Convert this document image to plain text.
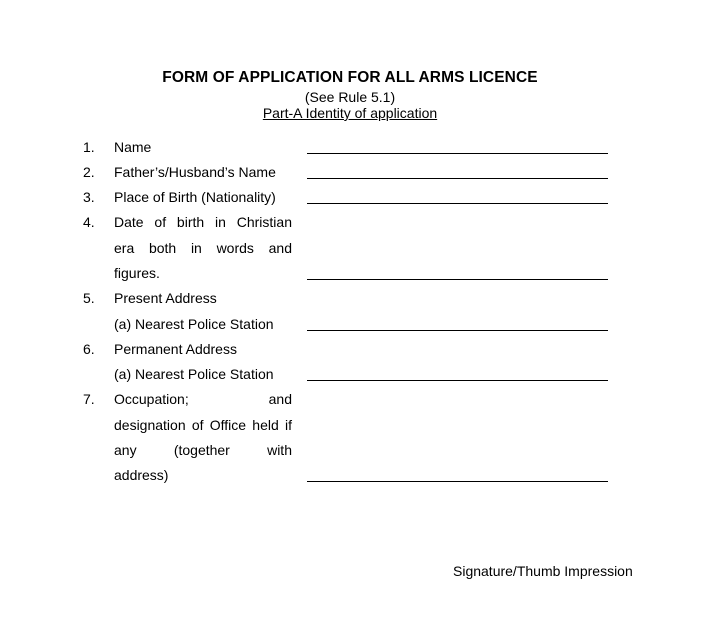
FORM OF APPLICATION FOR ALL ARMS LICENCE
(See Rule 5.1)
Part-A Identity of application
1. Name
2. Father’s/Husband’s Name
3. Place of Birth (Nationality)
4. Date of birth in Christian
era both in words and
figures.
5. Present Address
(a) Nearest Police Station
6. Permanent Address
(a) Nearest Police Station
7. Occupation; and
designation of Office held if
any (together with
address)
Signature/Thumb Impression
